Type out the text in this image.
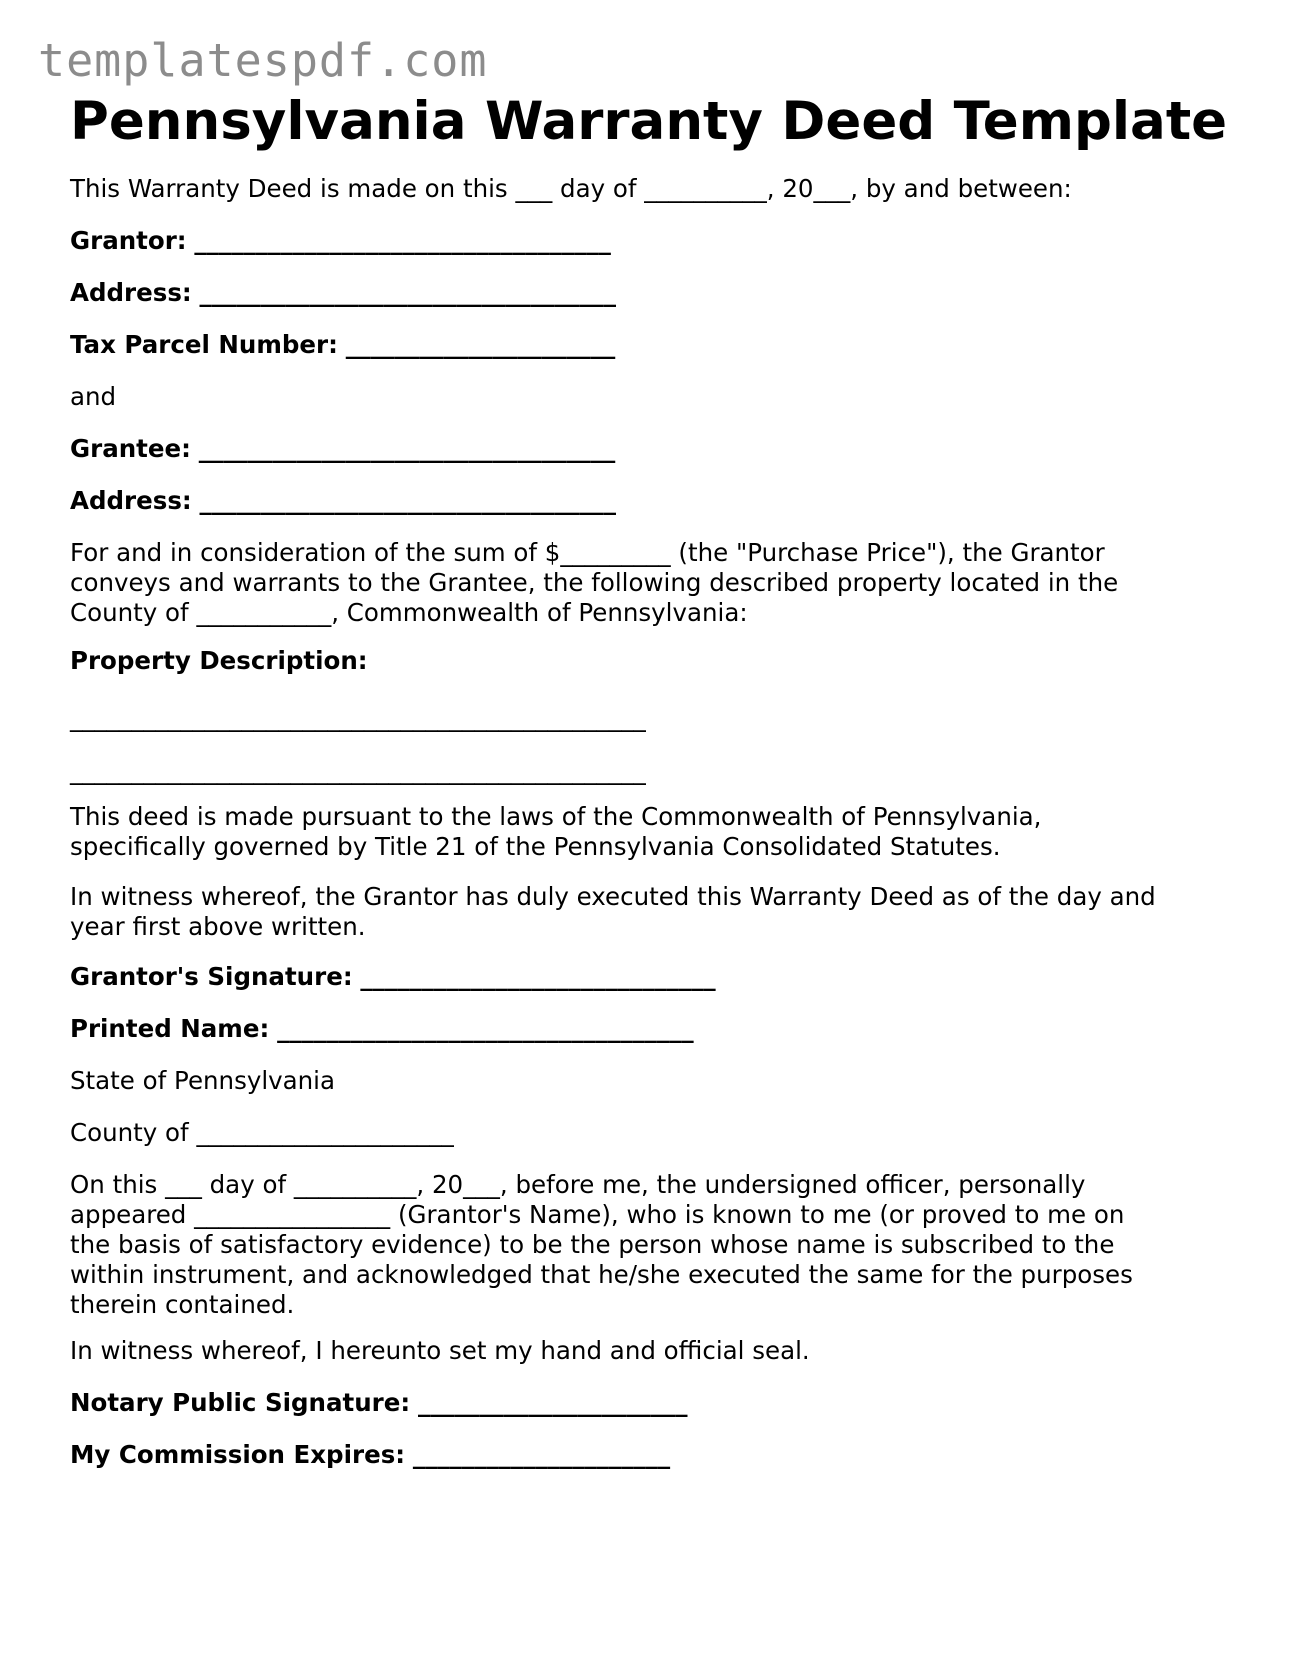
templatespdf.com
Pennsylvania Warranty Deed Template
This Warranty Deed is made on this ___ day of __________, 20___, by and between:
Grantor: __________________________________
Address: __________________________________
Tax Parcel Number: ______________________
and
Grantee: __________________________________
Address: __________________________________
For and in consideration of the sum of $_________ (the "Purchase Price"), the Grantor conveys and warrants to the Grantee, the following described property located in the County of ___________, Commonwealth of Pennsylvania:
Property Description:
_______________________________________________
_______________________________________________
This deed is made pursuant to the laws of the Commonwealth of Pennsylvania, specifically governed by Title 21 of the Pennsylvania Consolidated Statutes.
In witness whereof, the Grantor has duly executed this Warranty Deed as of the day and year first above written.
Grantor's Signature: _____________________________
Printed Name: __________________________________
State of Pennsylvania
County of _____________________
On this ___ day of __________, 20___, before me, the undersigned officer, personally appeared ________________ (Grantor's Name), who is known to me (or proved to me on the basis of satisfactory evidence) to be the person whose name is subscribed to the within instrument, and acknowledged that he/she executed the same for the purposes therein contained.
In witness whereof, I hereunto set my hand and official seal.
Notary Public Signature: ______________________
My Commission Expires: _____________________
